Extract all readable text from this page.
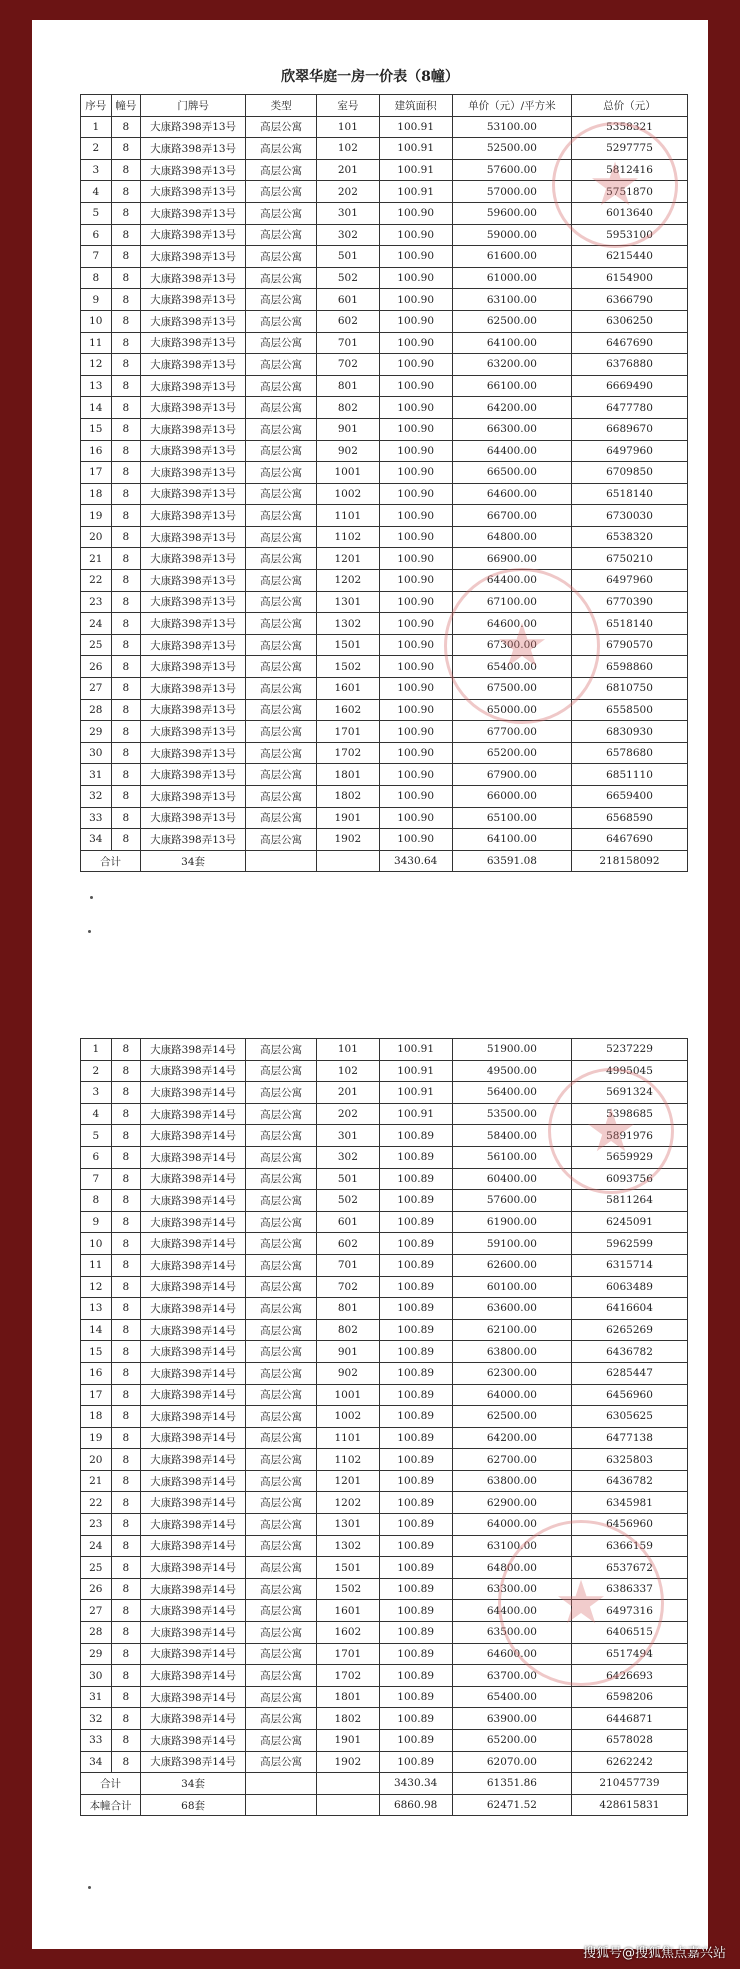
欣翠华庭一房一价表（8幢）
序号	幢号	门牌号	类型	室号	建筑面积	单价（元）/平方米	总价（元）
1	8	大康路398弄13号	高层公寓	101	100.91	53100.00	5358321
2	8	大康路398弄13号	高层公寓	102	100.91	52500.00	5297775
3	8	大康路398弄13号	高层公寓	201	100.91	57600.00	5812416
4	8	大康路398弄13号	高层公寓	202	100.91	57000.00	5751870
5	8	大康路398弄13号	高层公寓	301	100.90	59600.00	6013640
6	8	大康路398弄13号	高层公寓	302	100.90	59000.00	5953100
7	8	大康路398弄13号	高层公寓	501	100.90	61600.00	6215440
8	8	大康路398弄13号	高层公寓	502	100.90	61000.00	6154900
9	8	大康路398弄13号	高层公寓	601	100.90	63100.00	6366790
10	8	大康路398弄13号	高层公寓	602	100.90	62500.00	6306250
11	8	大康路398弄13号	高层公寓	701	100.90	64100.00	6467690
12	8	大康路398弄13号	高层公寓	702	100.90	63200.00	6376880
13	8	大康路398弄13号	高层公寓	801	100.90	66100.00	6669490
14	8	大康路398弄13号	高层公寓	802	100.90	64200.00	6477780
15	8	大康路398弄13号	高层公寓	901	100.90	66300.00	6689670
16	8	大康路398弄13号	高层公寓	902	100.90	64400.00	6497960
17	8	大康路398弄13号	高层公寓	1001	100.90	66500.00	6709850
18	8	大康路398弄13号	高层公寓	1002	100.90	64600.00	6518140
19	8	大康路398弄13号	高层公寓	1101	100.90	66700.00	6730030
20	8	大康路398弄13号	高层公寓	1102	100.90	64800.00	6538320
21	8	大康路398弄13号	高层公寓	1201	100.90	66900.00	6750210
22	8	大康路398弄13号	高层公寓	1202	100.90	64400.00	6497960
23	8	大康路398弄13号	高层公寓	1301	100.90	67100.00	6770390
24	8	大康路398弄13号	高层公寓	1302	100.90	64600.00	6518140
25	8	大康路398弄13号	高层公寓	1501	100.90	67300.00	6790570
26	8	大康路398弄13号	高层公寓	1502	100.90	65400.00	6598860
27	8	大康路398弄13号	高层公寓	1601	100.90	67500.00	6810750
28	8	大康路398弄13号	高层公寓	1602	100.90	65000.00	6558500
29	8	大康路398弄13号	高层公寓	1701	100.90	67700.00	6830930
30	8	大康路398弄13号	高层公寓	1702	100.90	65200.00	6578680
31	8	大康路398弄13号	高层公寓	1801	100.90	67900.00	6851110
32	8	大康路398弄13号	高层公寓	1802	100.90	66000.00	6659400
33	8	大康路398弄13号	高层公寓	1901	100.90	65100.00	6568590
34	8	大康路398弄13号	高层公寓	1902	100.90	64100.00	6467690
合计		34套			3430.64	63591.08	218158092
1	8	大康路398弄14号	高层公寓	101	100.91	51900.00	5237229
2	8	大康路398弄14号	高层公寓	102	100.91	49500.00	4995045
3	8	大康路398弄14号	高层公寓	201	100.91	56400.00	5691324
4	8	大康路398弄14号	高层公寓	202	100.91	53500.00	5398685
5	8	大康路398弄14号	高层公寓	301	100.89	58400.00	5891976
6	8	大康路398弄14号	高层公寓	302	100.89	56100.00	5659929
7	8	大康路398弄14号	高层公寓	501	100.89	60400.00	6093756
8	8	大康路398弄14号	高层公寓	502	100.89	57600.00	5811264
9	8	大康路398弄14号	高层公寓	601	100.89	61900.00	6245091
10	8	大康路398弄14号	高层公寓	602	100.89	59100.00	5962599
11	8	大康路398弄14号	高层公寓	701	100.89	62600.00	6315714
12	8	大康路398弄14号	高层公寓	702	100.89	60100.00	6063489
13	8	大康路398弄14号	高层公寓	801	100.89	63600.00	6416604
14	8	大康路398弄14号	高层公寓	802	100.89	62100.00	6265269
15	8	大康路398弄14号	高层公寓	901	100.89	63800.00	6436782
16	8	大康路398弄14号	高层公寓	902	100.89	62300.00	6285447
17	8	大康路398弄14号	高层公寓	1001	100.89	64000.00	6456960
18	8	大康路398弄14号	高层公寓	1002	100.89	62500.00	6305625
19	8	大康路398弄14号	高层公寓	1101	100.89	64200.00	6477138
20	8	大康路398弄14号	高层公寓	1102	100.89	62700.00	6325803
21	8	大康路398弄14号	高层公寓	1201	100.89	63800.00	6436782
22	8	大康路398弄14号	高层公寓	1202	100.89	62900.00	6345981
23	8	大康路398弄14号	高层公寓	1301	100.89	64000.00	6456960
24	8	大康路398弄14号	高层公寓	1302	100.89	63100.00	6366159
25	8	大康路398弄14号	高层公寓	1501	100.89	64800.00	6537672
26	8	大康路398弄14号	高层公寓	1502	100.89	63300.00	6386337
27	8	大康路398弄14号	高层公寓	1601	100.89	64400.00	6497316
28	8	大康路398弄14号	高层公寓	1602	100.89	63500.00	6406515
29	8	大康路398弄14号	高层公寓	1701	100.89	64600.00	6517494
30	8	大康路398弄14号	高层公寓	1702	100.89	63700.00	6426693
31	8	大康路398弄14号	高层公寓	1801	100.89	65400.00	6598206
32	8	大康路398弄14号	高层公寓	1802	100.89	63900.00	6446871
33	8	大康路398弄14号	高层公寓	1901	100.89	65200.00	6578028
34	8	大康路398弄14号	高层公寓	1902	100.89	62070.00	6262242
合计		34套			3430.34	61351.86	210457739
本幢合计		68套			6860.98	62471.52	428615831
★
★
★
★
搜狐号@搜狐焦点嘉兴站
